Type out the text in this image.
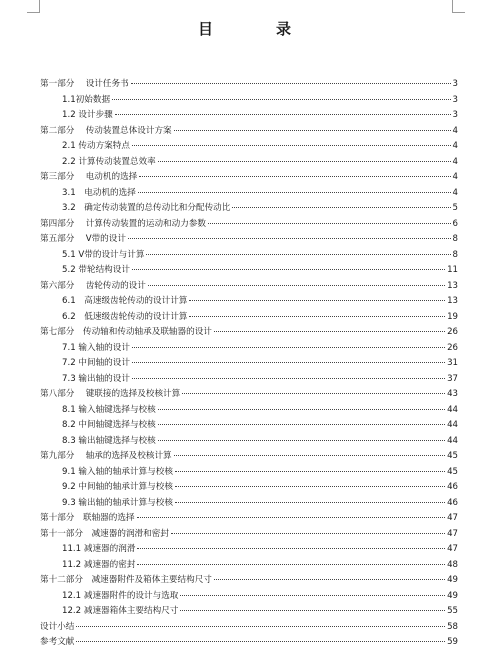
目　录
第一部分　 设计任务书	3
1.1初始数据	3
1.2 设计步骤	3
第二部分　 传动装置总体设计方案	4
2.1 传动方案特点	4
2.2 计算传动装置总效率	4
第三部分　 电动机的选择	4
3.1　电动机的选择	4
3.2　确定传动装置的总传动比和分配传动比	5
第四部分　 计算传动装置的运动和动力参数	6
第五部分　 V带的设计	8
5.1 V带的设计与计算	8
5.2 带轮结构设计	11
第六部分　 齿轮传动的设计	13
6.1　高速级齿轮传动的设计计算	13
6.2　低速级齿轮传动的设计计算	19
第七部分　传动轴和传动轴承及联轴器的设计	26
7.1 输入轴的设计	26
7.2 中间轴的设计	31
7.3 输出轴的设计	37
第八部分　 键联接的选择及校核计算	43
8.1 输入轴键选择与校核	44
8.2 中间轴键选择与校核	44
8.3 输出轴键选择与校核	44
第九部分　 轴承的选择及校核计算	45
9.1 输入轴的轴承计算与校核	45
9.2 中间轴的轴承计算与校核	46
9.3 输出轴的轴承计算与校核	46
第十部分　联轴器的选择	47
第十一部分　减速器的润滑和密封	47
11.1 减速器的润滑	47
11.2 减速器的密封	48
第十二部分　减速器附件及箱体主要结构尺寸	49
12.1 减速器附件的设计与选取	49
12.2 减速器箱体主要结构尺寸	55
设计小结	58
参考文献	59
